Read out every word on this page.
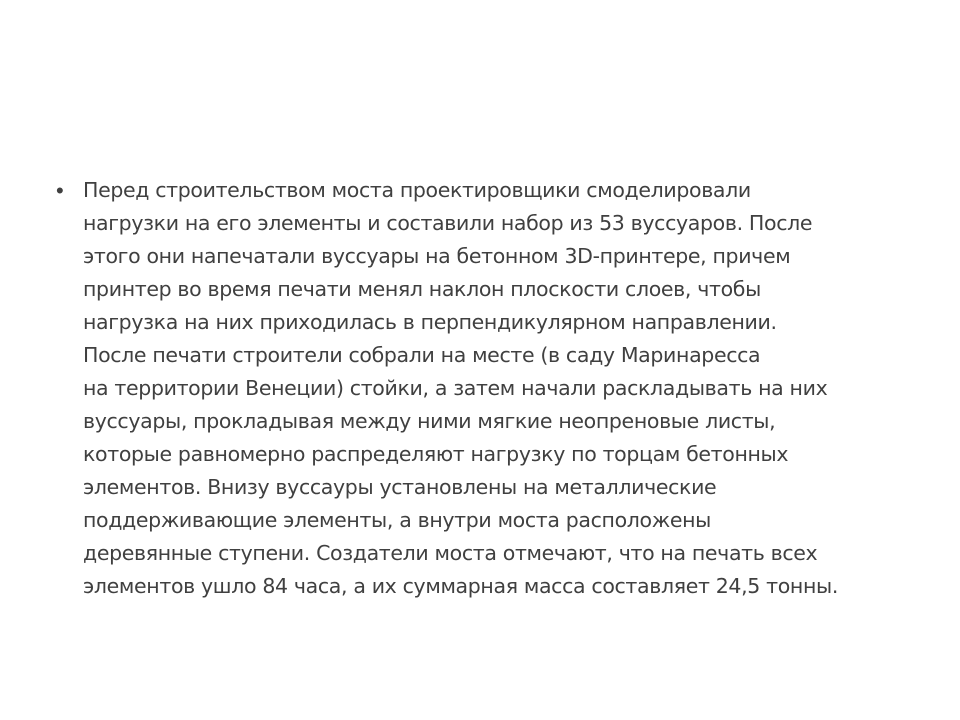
• Перед строительством моста проектировщики смоделировали
нагрузки на его элементы и составили набор из 53 вуссуаров. После
этого они напечатали вуссуары на бетонном 3D-принтере, причем
принтер во время печати менял наклон плоскости слоев, чтобы
нагрузка на них приходилась в перпендикулярном направлении.
После печати строители собрали на месте (в саду Маринаресса
на территории Венеции) стойки, а затем начали раскладывать на них
вуссуары, прокладывая между ними мягкие неопреновые листы,
которые равномерно распределяют нагрузку по торцам бетонных
элементов. Внизу вуссауры установлены на металлические
поддерживающие элементы, а внутри моста расположены
деревянные ступени. Создатели моста отмечают, что на печать всех
элементов ушло 84 часа, а их суммарная масса составляет 24,5 тонны.
